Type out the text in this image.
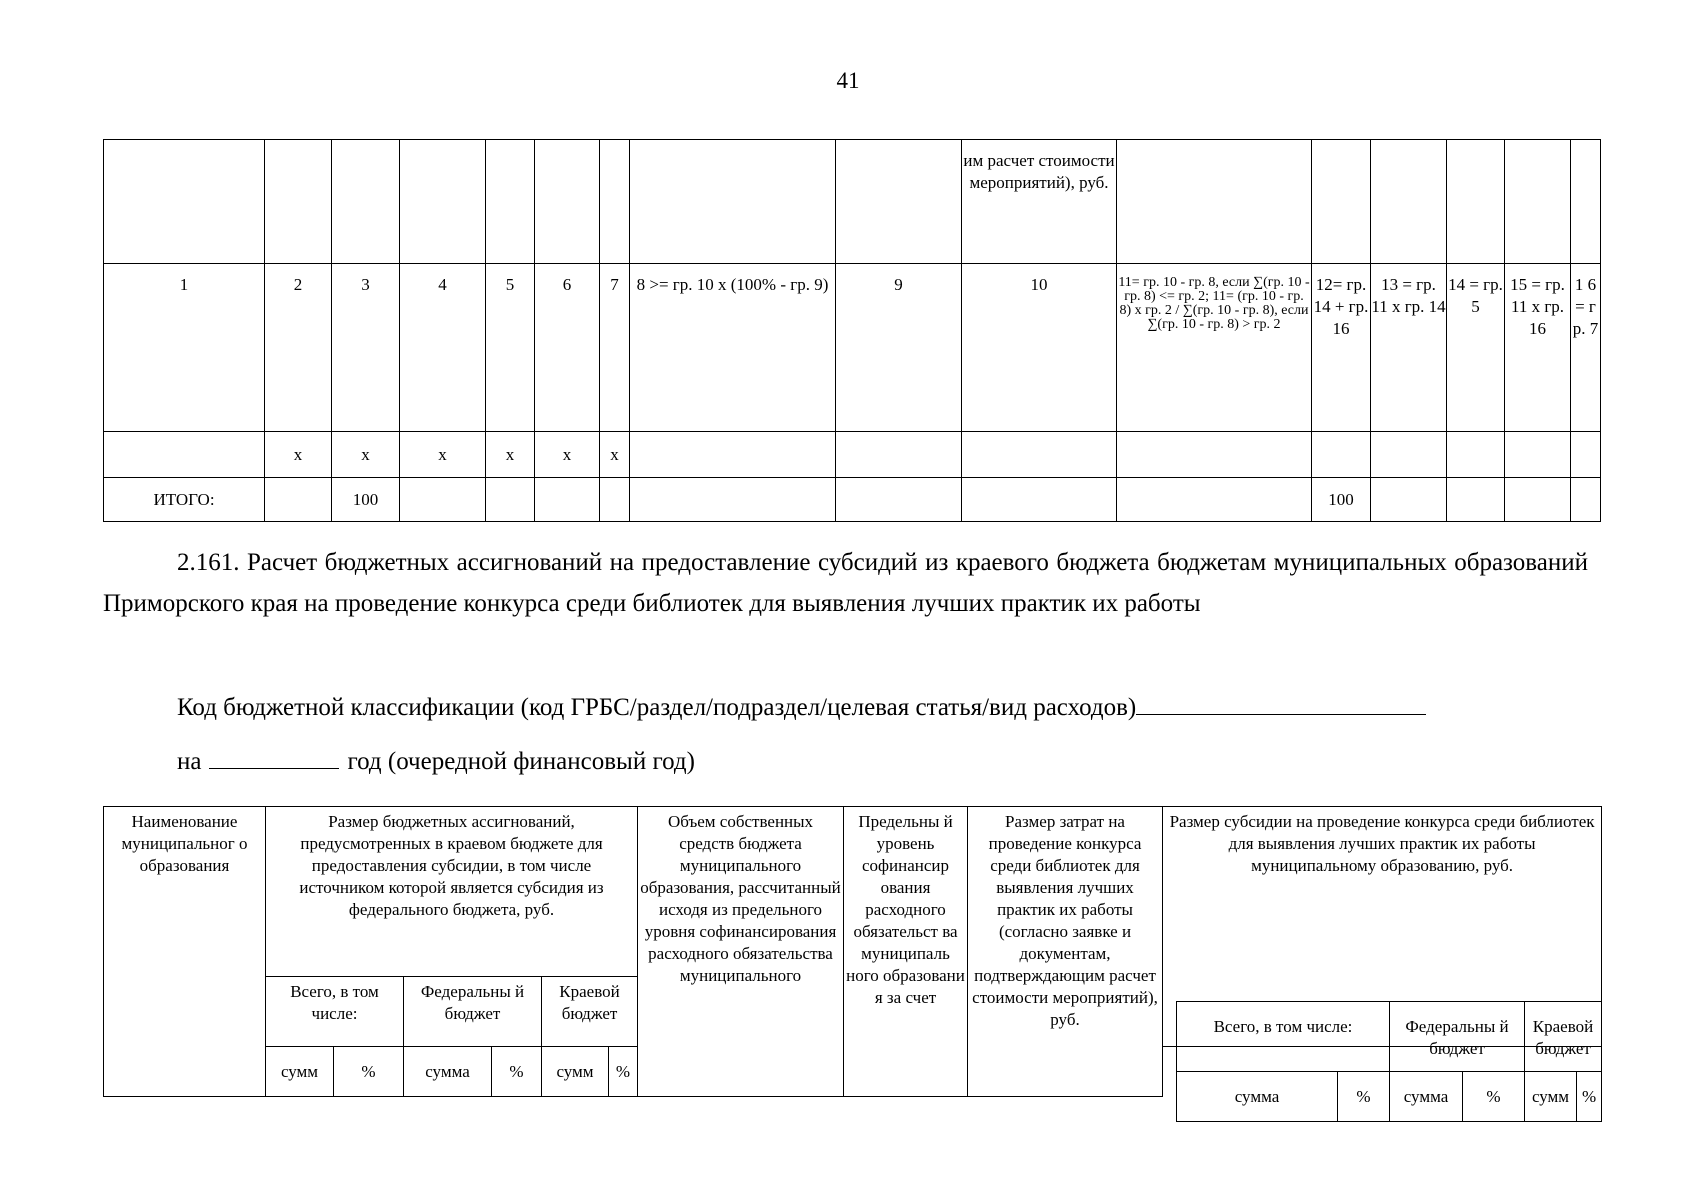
41
									им расчет стоимости мероприятий), руб.						
1	2	3	4	5	6	7	8 >= гр. 10 х (100% - гр. 9)	9	10	11= гр. 10 - гр. 8, если ∑(гр. 10 - гр. 8) <= гр. 2; 11= (гр. 10 - гр. 8) х гр. 2 / ∑(гр. 10 - гр. 8), если ∑(гр. 10 - гр. 8) > гр. 2	12= гр. 14 + гр. 16	13 = гр. 11 х гр. 14	14 = гр. 5	15 = гр. 11 х гр. 16	1 6 = г р. 7
	х	х	х	х	х	х									
ИТОГО:		100									100				
2.161. Расчет бюджетных ассигнований на предоставление субсидий из краевого бюджета бюджетам муниципальных образований Приморского края на проведение конкурса среди библиотек для выявления лучших практик их работы
Код бюджетной классификации (код ГРБС/раздел/подраздел/целевая статья/вид расходов)
на	год (очередной финансовый год)
Наименование муниципальног о образования	Размер бюджетных ассигнований, предусмотренных в краевом бюджете для предоставления субсидии, в том числе источником которой является субсидия из федерального бюджета, руб.						Объем собственных средств бюджета муниципального образования, рассчитанный исходя из предельного уровня софинансирования расходного обязательства муниципального	Предельны й уровень софинансир ования расходного обязательст ва муниципаль ного образовани я за счет	Размер затрат на проведение конкурса среди библиотек для выявления лучших практик их работы (согласно заявке и документам, подтверждающим расчет стоимости мероприятий), руб.	Размер субсидии на проведение конкурса среди библиотек для выявления лучших практик их работы муниципальному образованию, руб.
	Всего, в том числе:		Федеральны й бюджет		Краевой бюджет					
	сумм	%	сумма	%	сумм	%			
Всего, в том числе:		Федеральны й бюджет		Краевой бюджет	
сумма	%	сумма	%	сумм	%
